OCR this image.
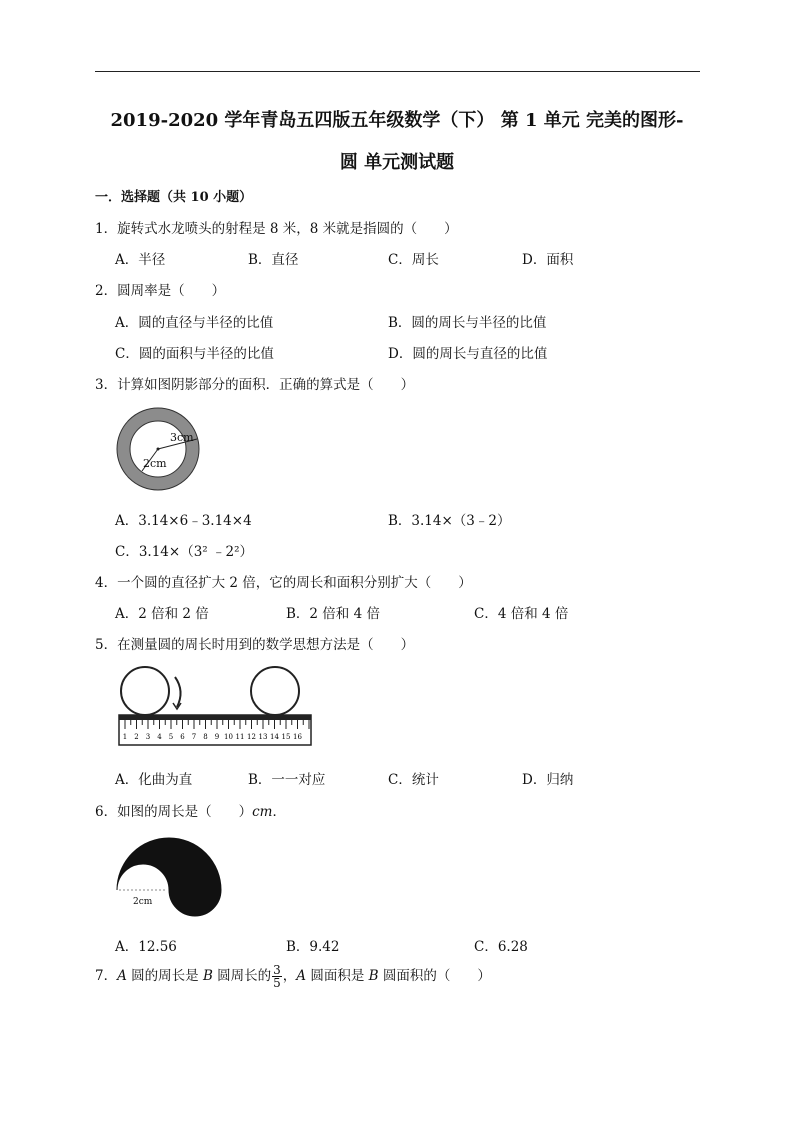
2019-2020 学年青岛五四版五年级数学（下） 第 1 单元 完美的图形-
圆 单元测试题
一．选择题（共 10 小题）
1．旋转式水龙喷头的射程是 8 米，8 米就是指圆的（　　）
A．半径	B．直径	C．周长	D．面积
2．圆周率是（　　）
A．圆的直径与半径的比值	B．圆的周长与半径的比值
C．圆的面积与半径的比值	D．圆的周长与直径的比值
3．计算如图阴影部分的面积．正确的算式是（　　）
3cm
2cm
A．3.14×6﹣3.14×4	B．3.14×（3﹣2）
C．3.14×（3² ﹣2²）
4．一个圆的直径扩大 2 倍，它的周长和面积分别扩大（　　）
A．2 倍和 2 倍	B．2 倍和 4 倍	C．4 倍和 4 倍
5．在测量圆的周长时用到的数学思想方法是（　　）
1 2 3 4 5 6 7 8 9 10 11 12 13 14 15 16
A．化曲为直	B．一一对应	C．统计	D．归纳
6．如图的周长是（　　）cm．
2cm
A．12.56	B．9.42	C．6.28
7．A 圆的周长是 B 圆周长的 $\frac{3}{5}$ ，A 圆面积是 B 圆面积的（　　）
